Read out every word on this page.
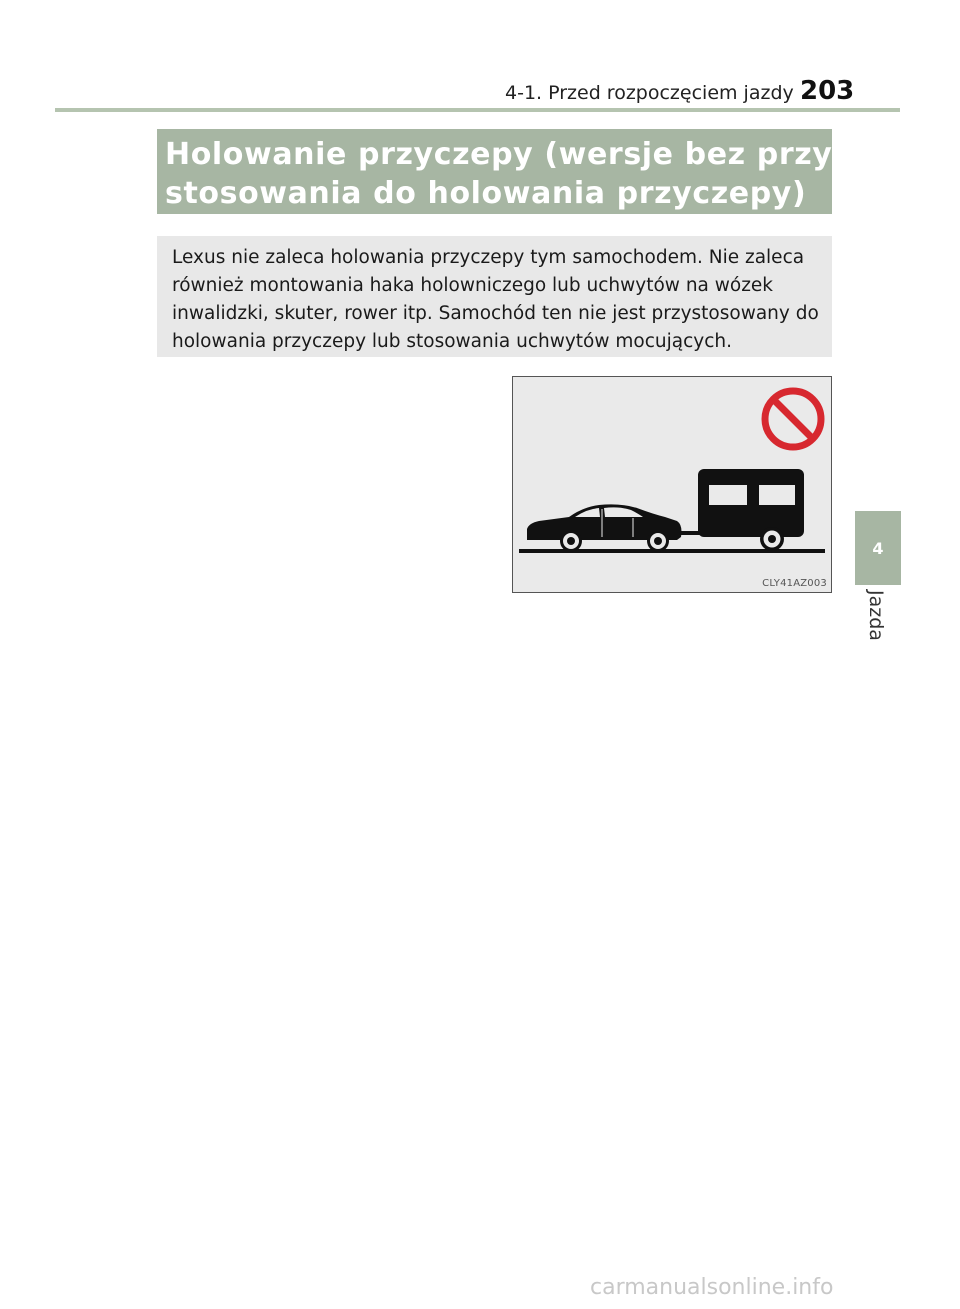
4-1. Przed rozpoczęciem jazdy 203
Holowanie przyczepy (wersje bez przy-
stosowania do holowania przyczepy)
Lexus nie zaleca holowania przyczepy tym samochodem. Nie zaleca
również montowania haka holowniczego lub uchwytów na wózek
inwalidzki, skuter, rower itp. Samochód ten nie jest przystosowany do
holowania przyczepy lub stosowania uchwytów mocujących.
CLY41AZ003
4
Jazda
carmanualsonline.info
